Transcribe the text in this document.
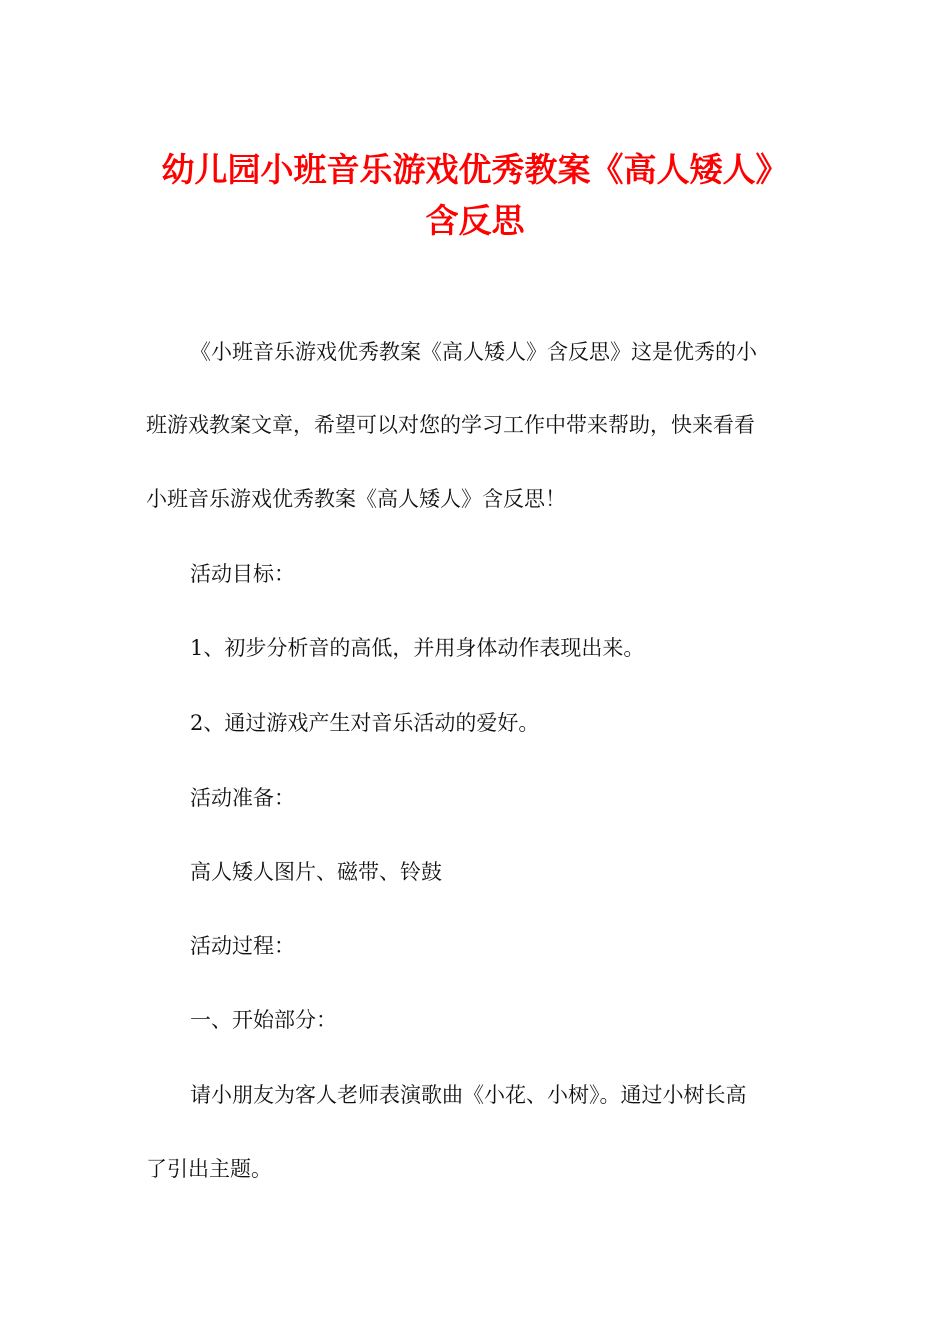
幼儿园小班音乐游戏优秀教案《高人矮人》
含反思

《小班音乐游戏优秀教案《高人矮人》含反思》这是优秀的小

班游戏教案文章，希望可以对您的学习工作中带来帮助，快来看看

小班音乐游戏优秀教案《高人矮人》含反思！

活动目标：

1、初步分析音的高低，并用身体动作表现出来。

2、通过游戏产生对音乐活动的爱好。

活动准备：

高人矮人图片、磁带、铃鼓

活动过程：

一、开始部分：

请小朋友为客人老师表演歌曲《小花、小树》。通过小树长高

了引出主题。
